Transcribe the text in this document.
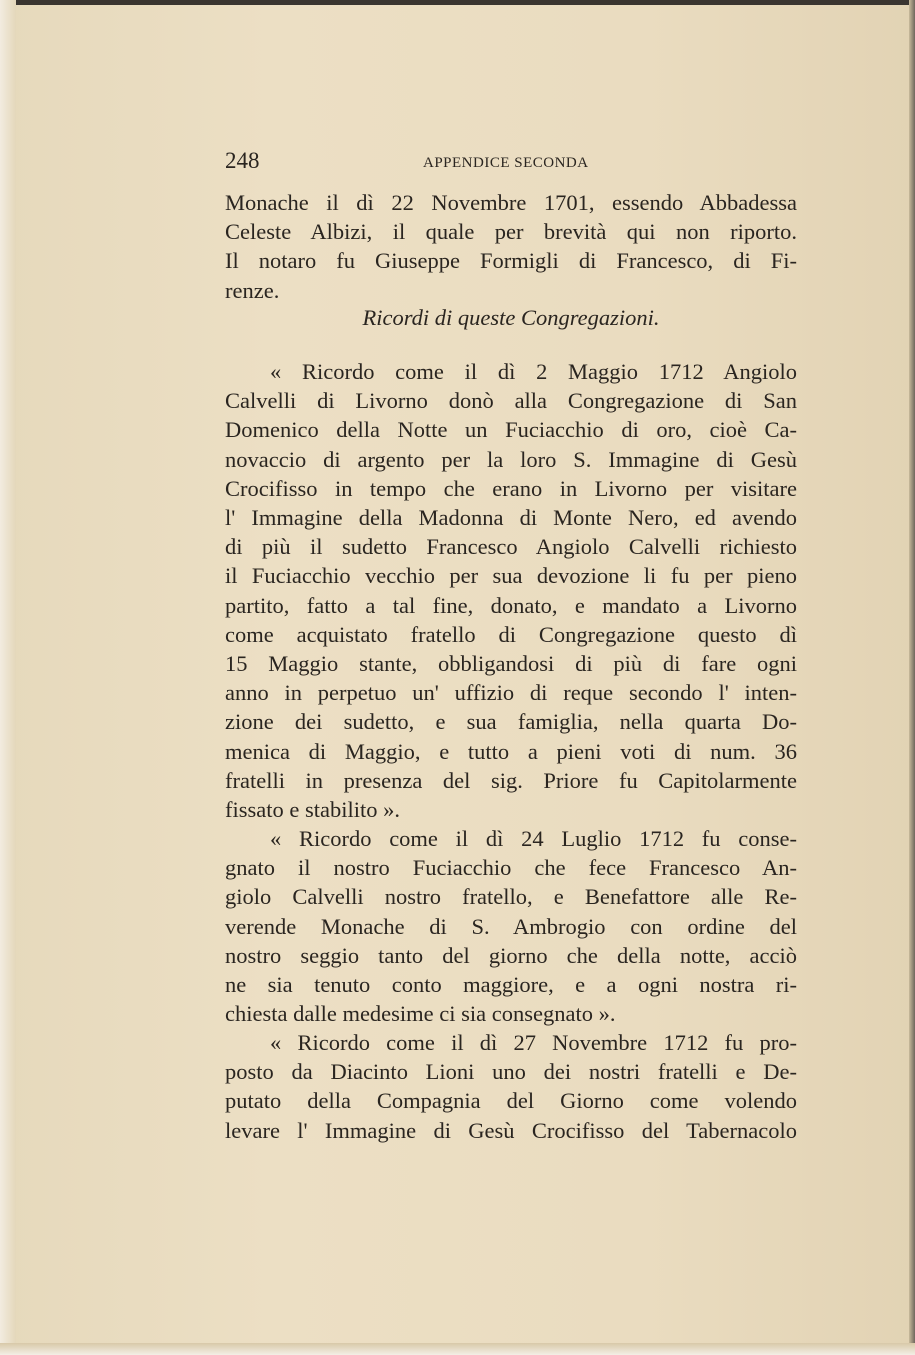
248	APPENDICE SECONDA
Monache il dì 22 Novembre 1701, essendo Abbadessa
Celeste Albizi, il quale per brevità qui non riporto.
Il notaro fu Giuseppe Formigli di Francesco, di Fi-
renze.
Ricordi di queste Congregazioni.
« Ricordo come il dì 2 Maggio 1712 Angiolo
Calvelli di Livorno donò alla Congregazione di San
Domenico della Notte un Fuciacchio di oro, cioè Ca-
novaccio di argento per la loro S. Immagine di Gesù
Crocifisso in tempo che erano in Livorno per visitare
l' Immagine della Madonna di Monte Nero, ed avendo
di più il sudetto Francesco Angiolo Calvelli richiesto
il Fuciacchio vecchio per sua devozione li fu per pieno
partito, fatto a tal fine, donato, e mandato a Livorno
come acquistato fratello di Congregazione questo dì
15 Maggio stante, obbligandosi di più di fare ogni
anno in perpetuo un' uffizio di reque secondo l' inten-
zione dei sudetto, e sua famiglia, nella quarta Do-
menica di Maggio, e tutto a pieni voti di num. 36
fratelli in presenza del sig. Priore fu Capitolarmente
fissato e stabilito ».
« Ricordo come il dì 24 Luglio 1712 fu conse-
gnato il nostro Fuciacchio che fece Francesco An-
giolo Calvelli nostro fratello, e Benefattore alle Re-
verende Monache di S. Ambrogio con ordine del
nostro seggio tanto del giorno che della notte, acciò
ne sia tenuto conto maggiore, e a ogni nostra ri-
chiesta dalle medesime ci sia consegnato ».
« Ricordo come il dì 27 Novembre 1712 fu pro-
posto da Diacinto Lioni uno dei nostri fratelli e De-
putato della Compagnia del Giorno come volendo
levare l' Immagine di Gesù Crocifisso del Tabernacolo
